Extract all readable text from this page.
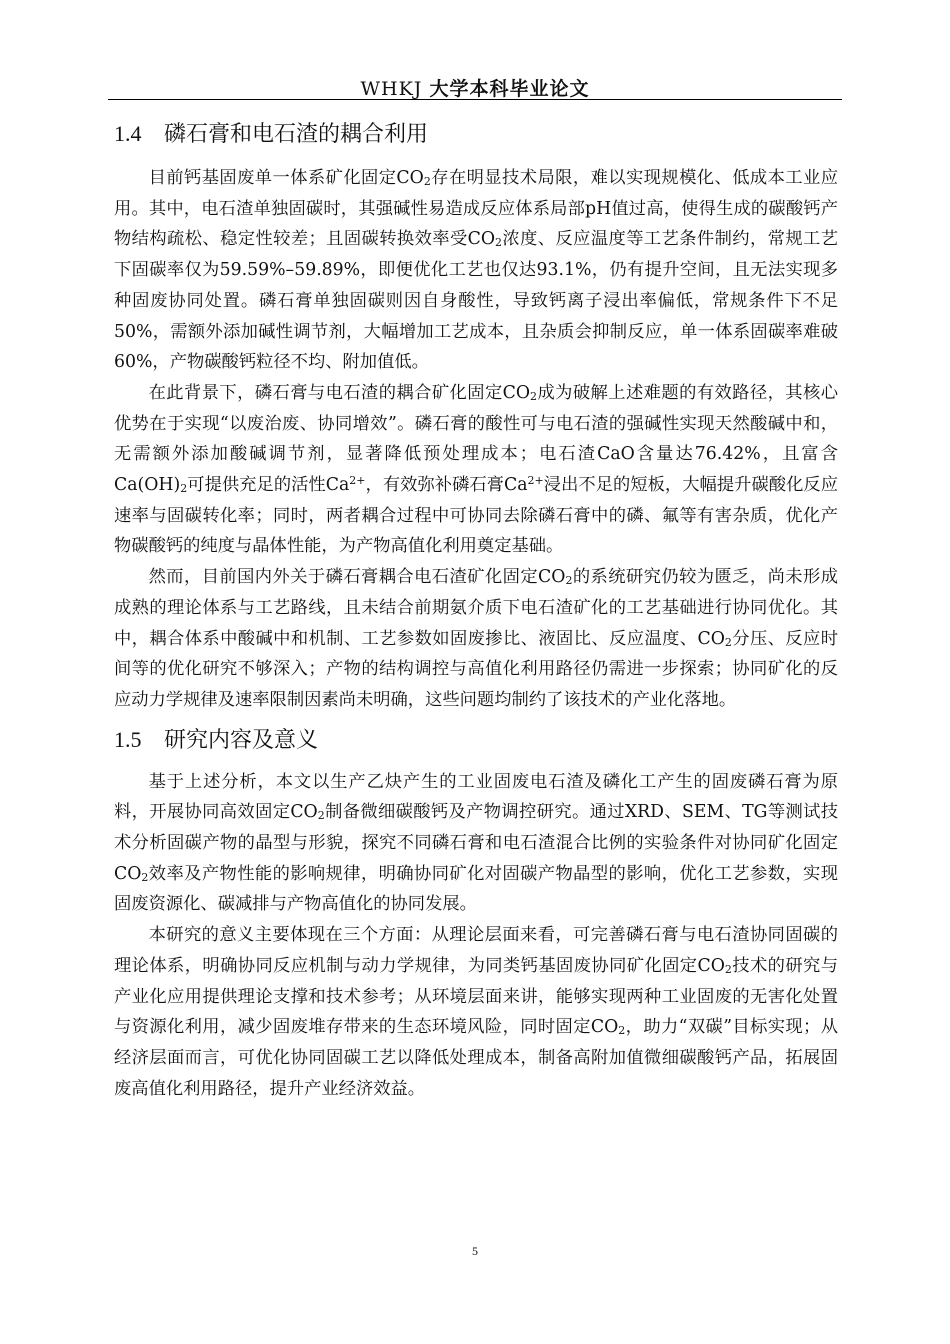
WHKJ 大学本科毕业论文
1.4 磷石膏和电石渣的耦合利用

目前钙基固废单一体系矿化固定$CO_2$存在明显技术局限，难以实现规模化、低成本工业应用。其中，电石渣单独固碳时，其强碱性易造成反应体系局部pH值过高，使得生成的碳酸钙产物结构疏松、稳定性较差；且固碳转换效率受$CO_2$浓度、反应温度等工艺条件制约，常规工艺下固碳率仅为59.59%–59.89%，即便优化工艺也仅达93.1%，仍有提升空间，且无法实现多种固废协同处置。磷石膏单独固碳则因自身酸性，导致钙离子浸出率偏低，常规条件下不足50%，需额外添加碱性调节剂，大幅增加工艺成本，且杂质会抑制反应，单一体系固碳率难破60%，产物碳酸钙粒径不均、附加值低。

在此背景下，磷石膏与电石渣的耦合矿化固定$CO_2$成为破解上述难题的有效路径，其核心优势在于实现“以废治废、协同增效”。磷石膏的酸性可与电石渣的强碱性实现天然酸碱中和，无需额外添加酸碱调节剂，显著降低预处理成本；电石渣CaO含量达76.42%，且富含$Ca(OH)_2$可提供充足的活性$Ca^{2+}$，有效弥补磷石膏$Ca^{2+}$浸出不足的短板，大幅提升碳酸化反应速率与固碳转化率；同时，两者耦合过程中可协同去除磷石膏中的磷、氟等有害杂质，优化产物碳酸钙的纯度与晶体性能，为产物高值化利用奠定基础。

然而，目前国内外关于磷石膏耦合电石渣矿化固定$CO_2$的系统研究仍较为匮乏，尚未形成成熟的理论体系与工艺路线，且未结合前期氨介质下电石渣矿化的工艺基础进行协同优化。其中，耦合体系中酸碱中和机制、工艺参数如固废掺比、液固比、反应温度、$CO_2$分压、反应时间等的优化研究不够深入；产物的结构调控与高值化利用路径仍需进一步探索；协同矿化的反应动力学规律及速率限制因素尚未明确，这些问题均制约了该技术的产业化落地。

1.5 研究内容及意义

基于上述分析，本文以生产乙炔产生的工业固废电石渣及磷化工产生的固废磷石膏为原料，开展协同高效固定$CO_2$制备微细碳酸钙及产物调控研究。通过XRD、SEM、TG等测试技术分析固碳产物的晶型与形貌，探究不同磷石膏和电石渣混合比例的实验条件对协同矿化固定$CO_2$效率及产物性能的影响规律，明确协同矿化对固碳产物晶型的影响，优化工艺参数，实现固废资源化、碳减排与产物高值化的协同发展。

本研究的意义主要体现在三个方面：从理论层面来看，可完善磷石膏与电石渣协同固碳的理论体系，明确协同反应机制与动力学规律，为同类钙基固废协同矿化固定$CO_2$技术的研究与产业化应用提供理论支撑和技术参考；从环境层面来讲，能够实现两种工业固废的无害化处置与资源化利用，减少固废堆存带来的生态环境风险，同时固定$CO_2$，助力“双碳”目标实现；从经济层面而言，可优化协同固碳工艺以降低处理成本，制备高附加值微细碳酸钙产品，拓展固废高值化利用路径，提升产业经济效益。

5
